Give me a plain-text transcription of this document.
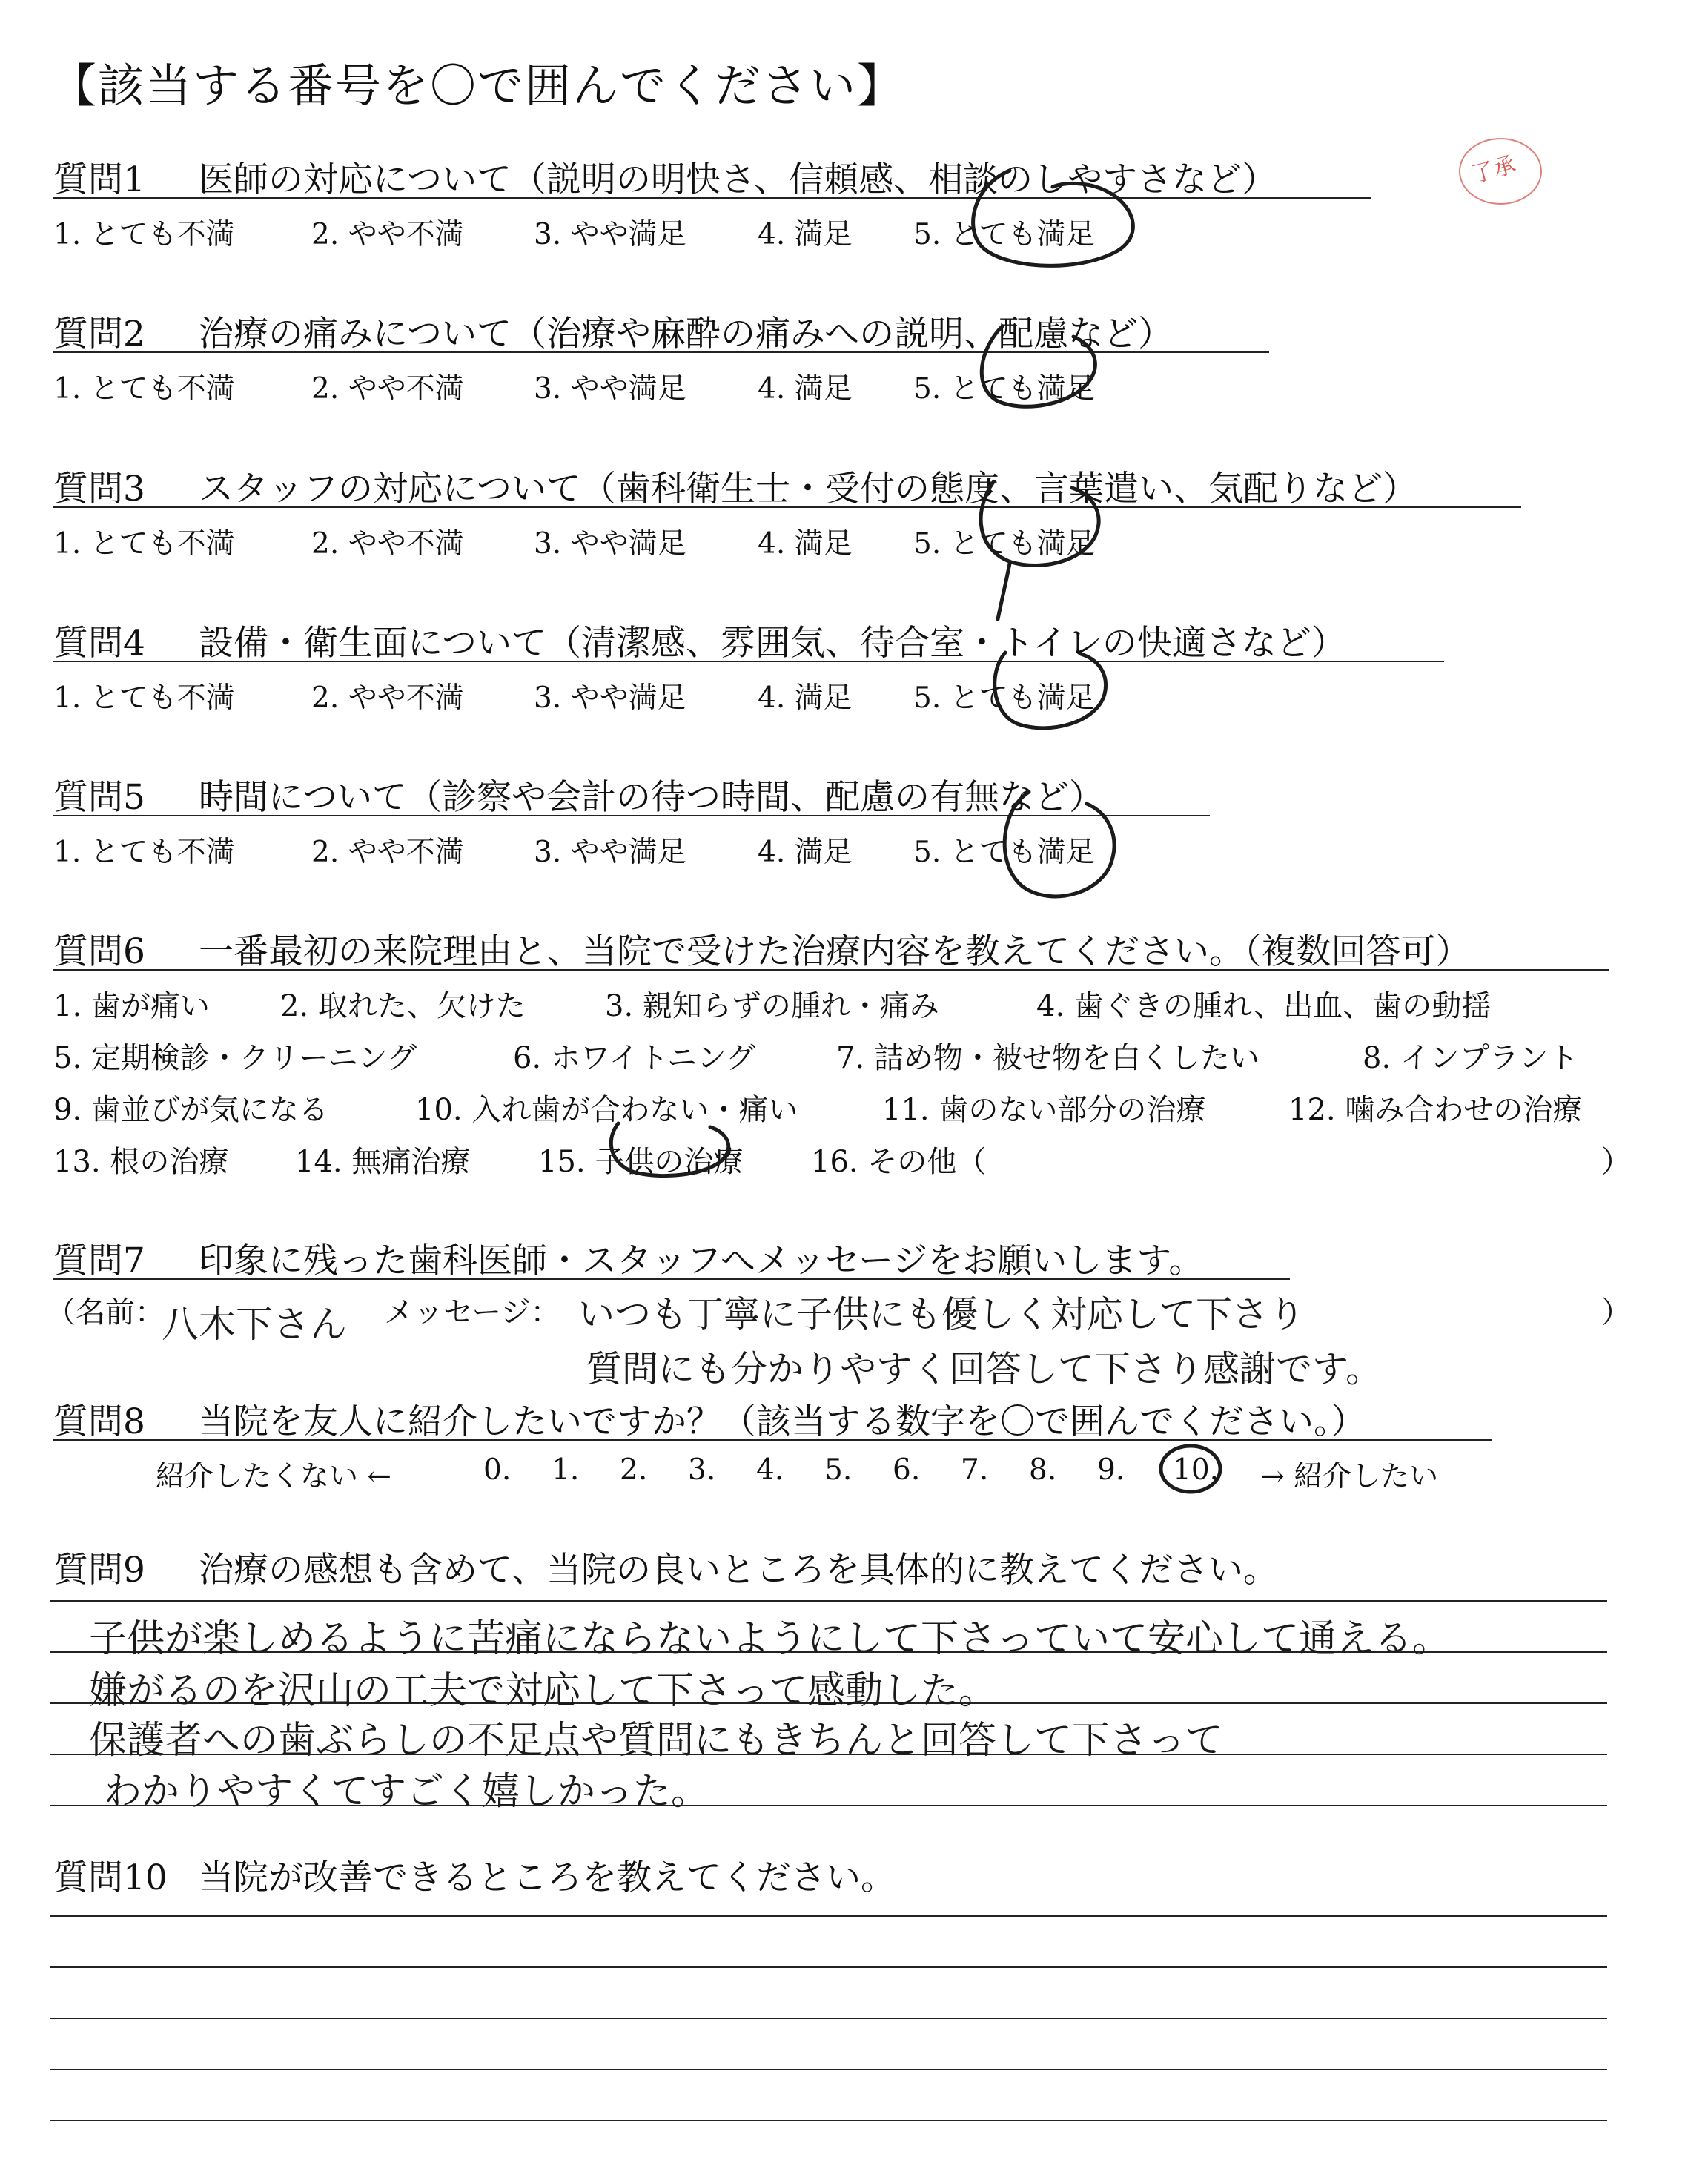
【該当する番号を〇で囲んでください】
了承
質問1 医師の対応について（説明の明快さ、信頼感、相談のしやすさなど）
1. とても不満	2. やや不満 3. やや満足 4. 満足 5. とても満足
質問2 治療の痛みについて（治療や麻酔の痛みへの説明、配慮など）
1. とても不満	2. やや不満 3. やや満足 4. 満足 5. とても満足
質問3 スタッフの対応について（歯科衛生士・受付の態度、言葉遣い、気配りなど）
1. とても不満	2. やや不満 3. やや満足 4. 満足 5. とても満足
質問4 設備・衛生面について（清潔感、雰囲気、待合室・トイレの快適さなど）
1. とても不満	2. やや不満 3. やや満足 4. 満足 5. とても満足
質問5 時間について（診察や会計の待つ時間、配慮の有無など）
1. とても不満	2. やや不満 3. やや満足 4. 満足 5. とても満足
質問6 一番最初の来院理由と、当院で受けた治療内容を教えてください。（複数回答可）
1. 歯が痛い 2. 取れた、欠けた	3. 親知らずの腫れ・痛み	4. 歯ぐきの腫れ、出血、歯の動揺
5. 定期検診・クリーニング	6. ホワイトニング	7. 詰め物・被せ物を白くしたい	8. インプラント
9. 歯並びが気になる	10. 入れ歯が合わない・痛い	11. 歯のない部分の治療	12. 噛み合わせの治療
13. 根の治療 14. 無痛治療 15. 子供の治療 16. その他（	）
質問7 印象に残った歯科医師・スタッフへメッセージをお願いします。
（名前：
八木下さん メッセージ： いつも丁寧に子供にも優しく対応して下さり
質問にも分かりやすく回答して下さり感謝です。
）
質問8 当院を友人に紹介したいですか？（該当する数字を〇で囲んでください。）
紹介したくない ←	0. 1. 2. 3. 4. 5. 6. 7. 8. 9. 10. → 紹介したい
質問9 治療の感想も含めて、当院の良いところを具体的に教えてください。
子供が楽しめるように苦痛にならないようにして下さっていて安心して通える。
嫌がるのを沢山の工夫で対応して下さって感動した。
保護者への歯ぶらしの不足点や質問にもきちんと回答して下さって
わかりやすくてすごく嬉しかった。
質問10 当院が改善できるところを教えてください。
